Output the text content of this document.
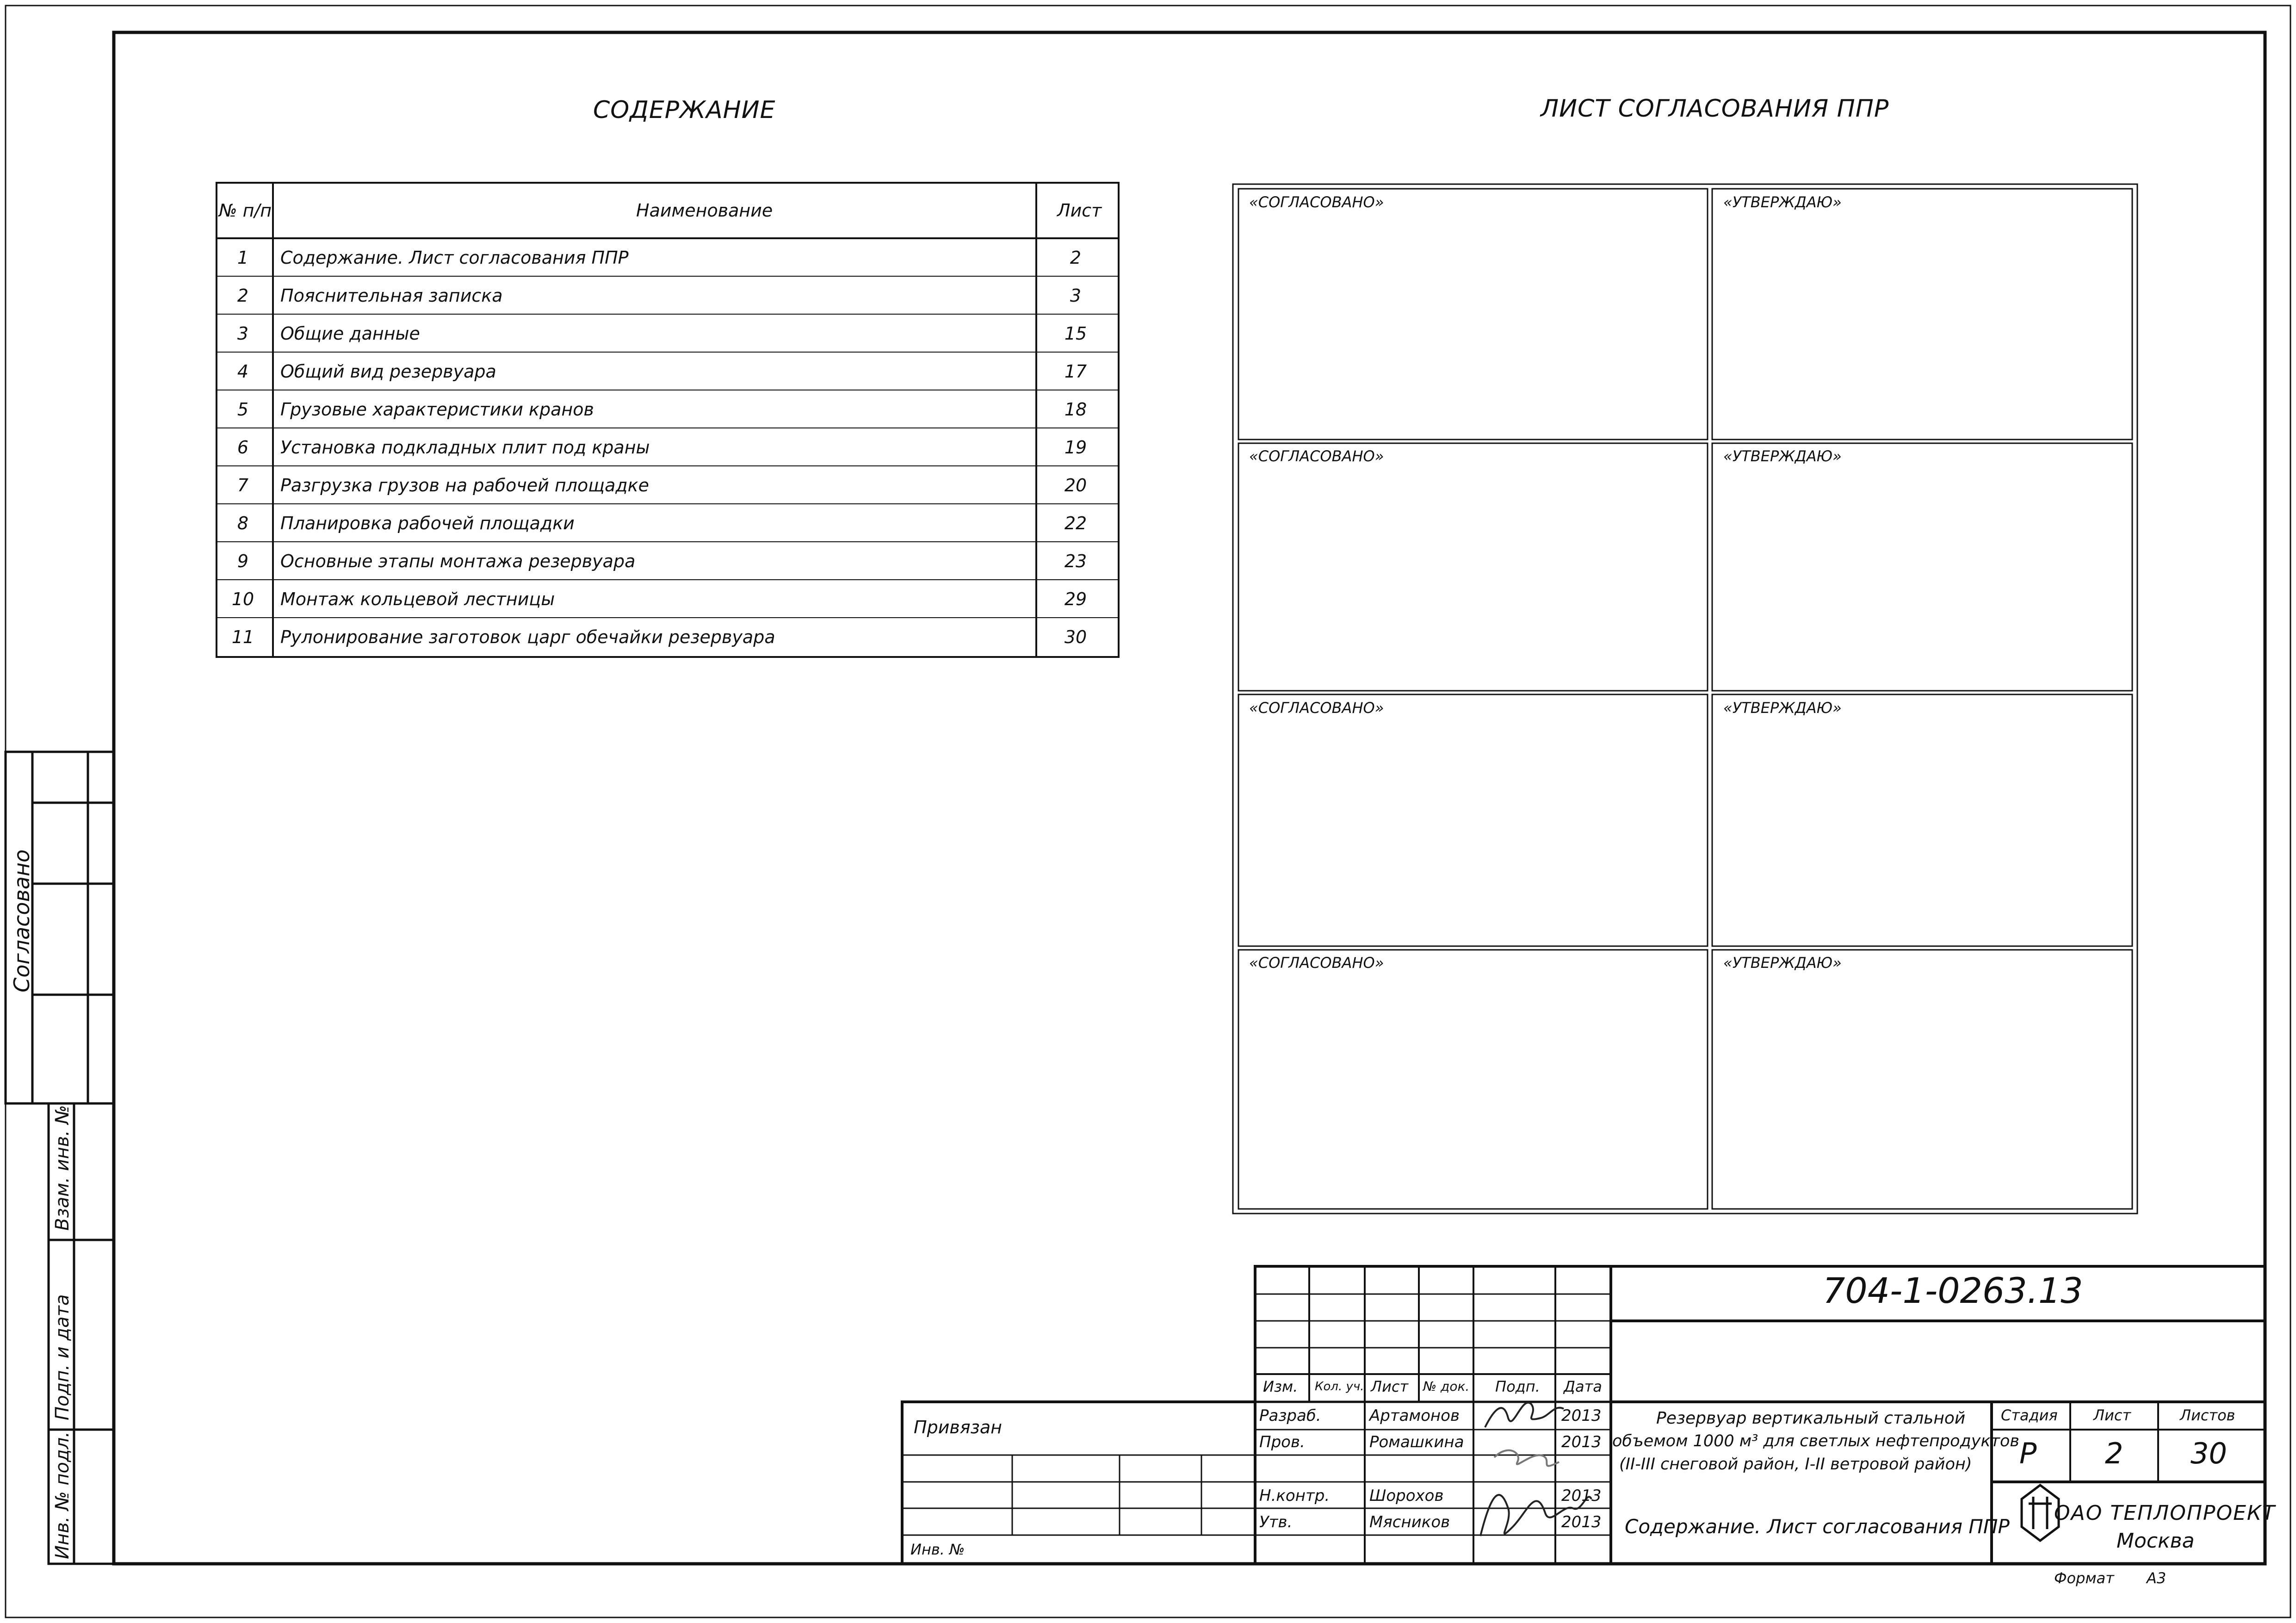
Согласовано
Взам. инв. №
Подп. и дата
Инв. № подл.
СОДЕРЖАНИЕ
№ п/п	Наименование	Лист
1 Содержание. Лист согласования ППР	2
2 Пояснительная записка	3
3 Общие данные	15
4 Общий вид резервуара	17
5 Грузовые характеристики кранов	18
6 Установка подкладных плит под краны	19
7 Разгрузка грузов на рабочей площадке	20
8 Планировка рабочей площадки	22
9 Основные этапы монтажа резервуара	23
10 Монтаж кольцевой лестницы	29
11 Рулонирование заготовок царг обечайки резервуара	30
ЛИСТ СОГЛАСОВАНИЯ ППР
«СОГЛАСОВАНО»	«УТВЕРЖДАЮ»
«СОГЛАСОВАНО»	«УТВЕРЖДАЮ»
«СОГЛАСОВАНО»	«УТВЕРЖДАЮ»
«СОГЛАСОВАНО»	«УТВЕРЖДАЮ»
704-1-0263.13
Привязан
Инв. №
Изм. Кол. уч. Лист № док. Подп. Дата
Разраб.	Артамонов	2013
Пров.	Ромашкина	2013
Н.контр.	Шорохов	2013
Утв.	Мясников	2013
Резервуар вертикальный стальной
объемом 1000 м³ для светлых нефтепродуктов
(II-III снеговой район, I-II ветровой район)
Содержание. Лист согласования ППР
Стадия Лист	Листов
Р 2 30
ОАО ТЕПЛОПРОЕКТ
Москва
Формат А3
